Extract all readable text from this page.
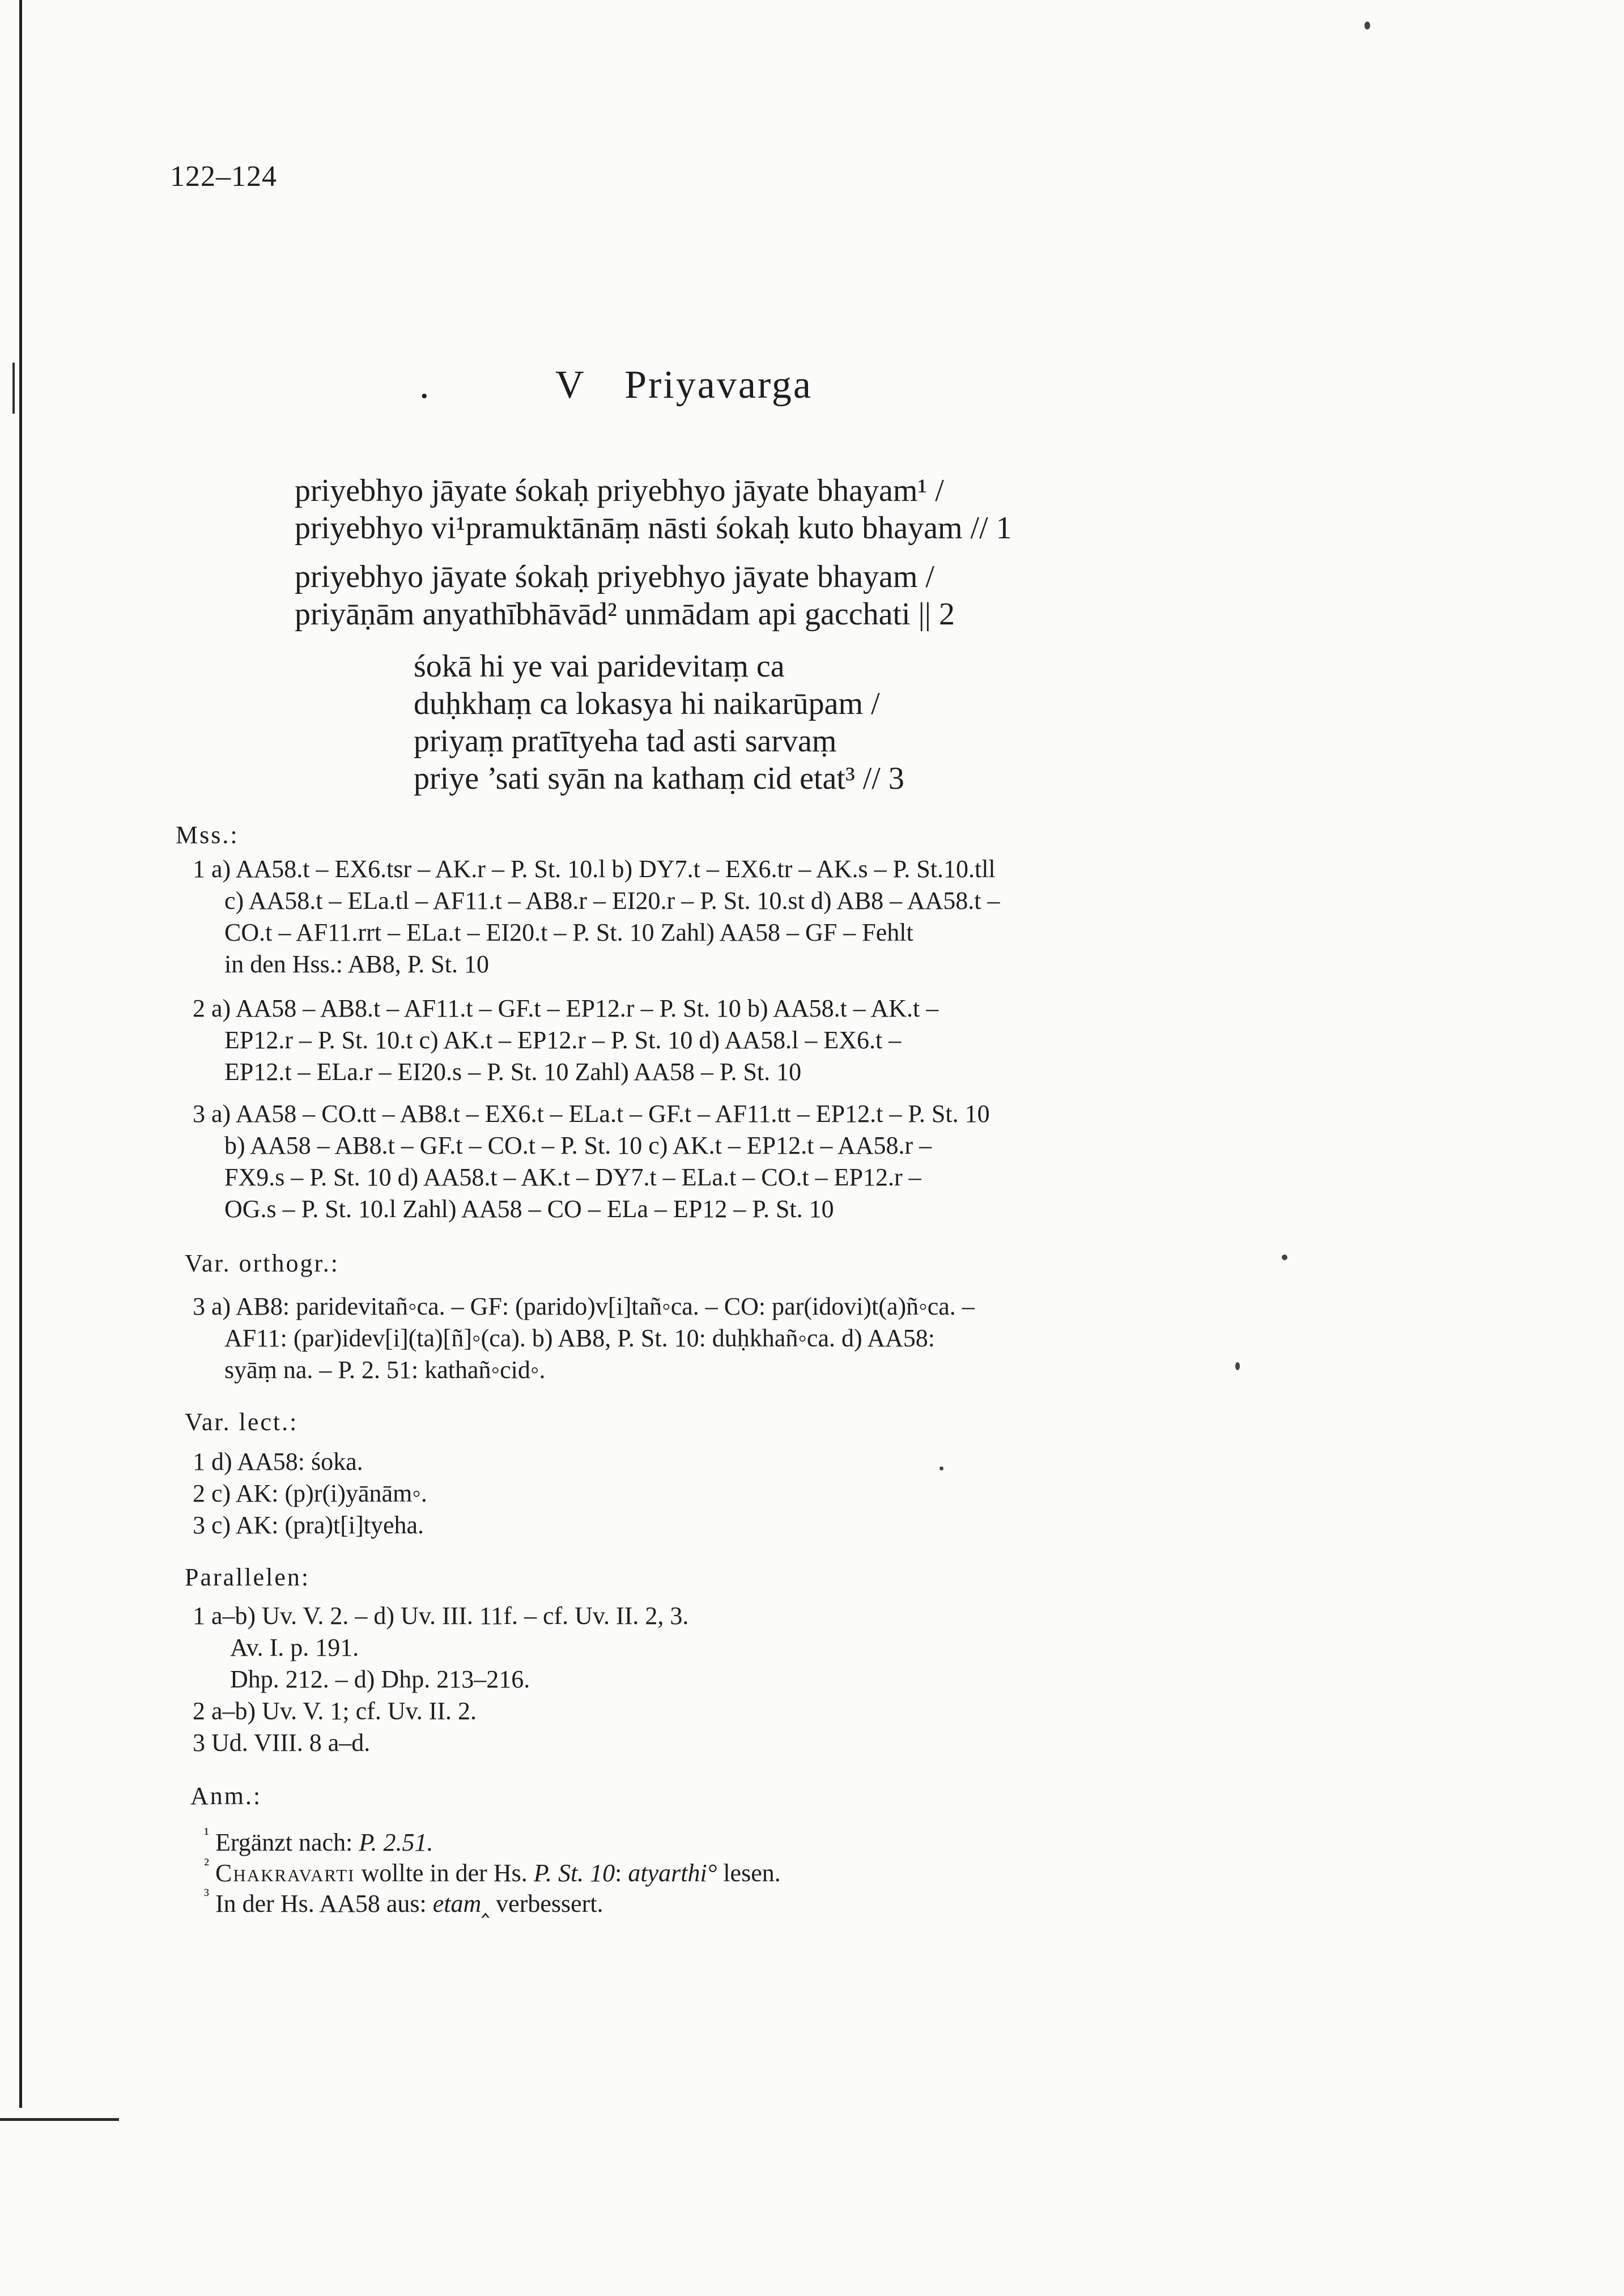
122–124
.	V Priyavarga
priyebhyo jāyate śokaḥ priyebhyo jāyate bhayam¹ /
priyebhyo vi¹pramuktānāṃ nāsti śokaḥ kuto bhayam // 1
priyebhyo jāyate śokaḥ priyebhyo jāyate bhayam /
priyāṇām anyathībhāvād² unmādam api gacchati || 2
śokā hi ye vai paridevitaṃ ca
duḥkhaṃ ca lokasya hi naikarūpam /
priyaṃ pratītyeha tad asti sarvaṃ
priye ’sati syān na kathaṃ cid etat³ // 3
Mss.:
1 a) AA58.t – EX6.tsr – AK.r – P. St. 10.l b) DY7.t – EX6.tr – AK.s – P. St.10.tll
c) AA58.t – ELa.tl – AF11.t – AB8.r – EI20.r – P. St. 10.st d) AB8 – AA58.t –
CO.t – AF11.rrt – ELa.t – EI20.t – P. St. 10 Zahl) AA58 – GF – Fehlt
in den Hss.: AB8, P. St. 10
2 a) AA58 – AB8.t – AF11.t – GF.t – EP12.r – P. St. 10 b) AA58.t – AK.t –
EP12.r – P. St. 10.t c) AK.t – EP12.r – P. St. 10 d) AA58.l – EX6.t –
EP12.t – ELa.r – EI20.s – P. St. 10 Zahl) AA58 – P. St. 10
3 a) AA58 – CO.tt – AB8.t – EX6.t – ELa.t – GF.t – AF11.tt – EP12.t – P. St. 10
b) AA58 – AB8.t – GF.t – CO.t – P. St. 10 c) AK.t – EP12.t – AA58.r –
FX9.s – P. St. 10 d) AA58.t – AK.t – DY7.t – ELa.t – CO.t – EP12.r –
OG.s – P. St. 10.l Zahl) AA58 – CO – ELa – EP12 – P. St. 10
Var. orthogr.:
3 a) AB8: paridevitañ◦ca. – GF: (parido)v[i]tañ◦ca. – CO: par(idovi)t(a)ñ◦ca. –
AF11: (par)idev[i](ta)[ñ]◦(ca). b) AB8, P. St. 10: duḥkhañ◦ca. d) AA58:
syāṃ na. – P. 2. 51: kathañ◦cid◦.
Var. lect.:
1 d) AA58: śoka.
2 c) AK: (p)r(i)yānām◦.
3 c) AK: (pra)t[i]tyeha.
Parallelen:
1 a–b) Uv. V. 2. – d) Uv. III. 11f. – cf. Uv. II. 2, 3.
Av. I. p. 191.
Dhp. 212. – d) Dhp. 213–216.
2 a–b) Uv. V. 1; cf. Uv. II. 2.
3 Ud. VIII. 8 a–d.
Anm.:
$^{^1}$ Ergänzt nach: P. 2.51.
$^{^2}$ Chakravarti wollte in der Hs. P. St. 10: atyarthi° lesen.
$^{^3}$ In der Hs. AA58 aus: etam‸ verbessert.
